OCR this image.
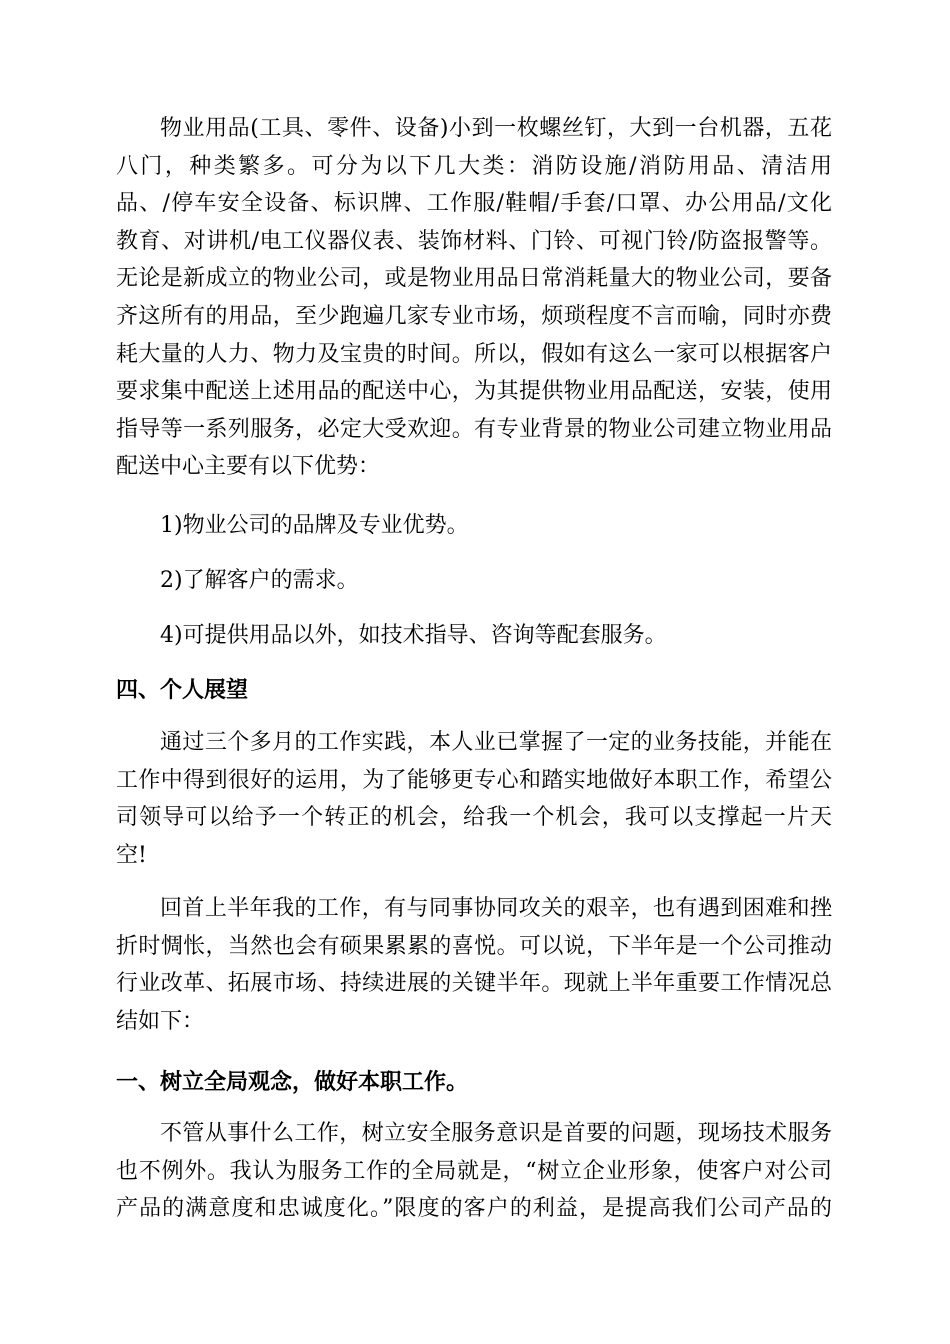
物业用品(工具、零件、设备)小到一枚螺丝钉，大到一台机器，五花
八门，种类繁多。可分为以下几大类：消防设施/消防用品、清洁用
品、/停车安全设备、标识牌、工作服/鞋帽/手套/口罩、办公用品/文化
教育、对讲机/电工仪器仪表、装饰材料、门铃、可视门铃/防盗报警等。
无论是新成立的物业公司，或是物业用品日常消耗量大的物业公司，要备
齐这所有的用品，至少跑遍几家专业市场，烦琐程度不言而喻，同时亦费
耗大量的人力、物力及宝贵的时间。所以，假如有这么一家可以根据客户
要求集中配送上述用品的配送中心，为其提供物业用品配送，安装，使用
指导等一系列服务，必定大受欢迎。有专业背景的物业公司建立物业用品
配送中心主要有以下优势：
1)物业公司的品牌及专业优势。
2)了解客户的需求。
4)可提供用品以外，如技术指导、咨询等配套服务。
四、个人展望
通过三个多月的工作实践，本人业已掌握了一定的业务技能，并能在
工作中得到很好的运用，为了能够更专心和踏实地做好本职工作，希望公
司领导可以给予一个转正的机会，给我一个机会，我可以支撑起一片天
空!
回首上半年我的工作，有与同事协同攻关的艰辛，也有遇到困难和挫
折时惆怅，当然也会有硕果累累的喜悦。可以说，下半年是一个公司推动
行业改革、拓展市场、持续进展的关键半年。现就上半年重要工作情况总
结如下：
一、树立全局观念，做好本职工作。
不管从事什么工作，树立安全服务意识是首要的问题，现场技术服务
也不例外。我认为服务工作的全局就是，“树立企业形象，使客户对公司
产品的满意度和忠诚度化。”限度的客户的利益，是提高我们公司产品的
